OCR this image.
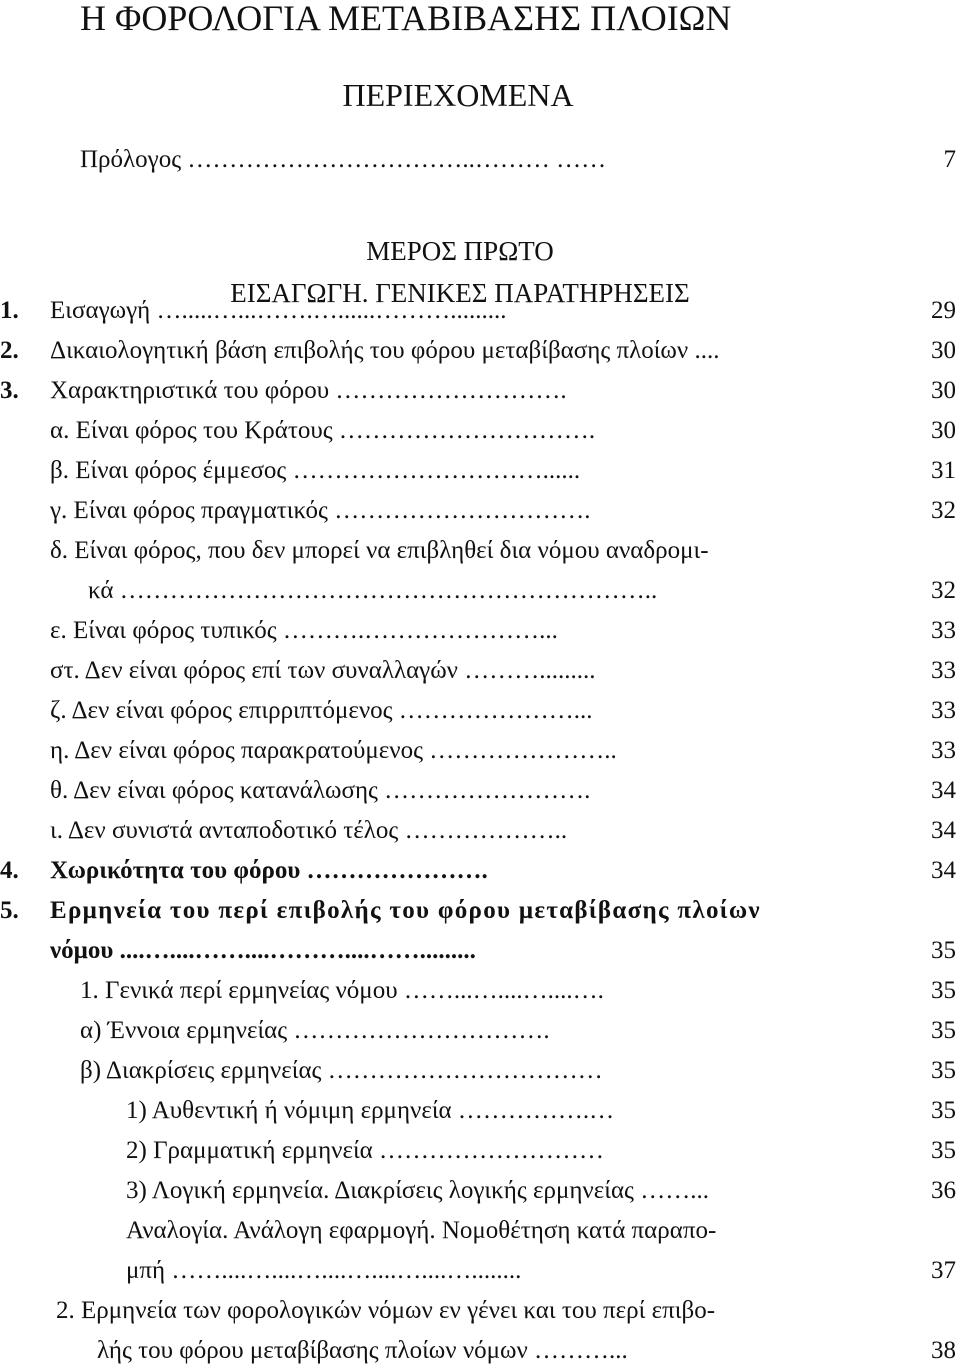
Η ΦΟΡΟΛΟΓΙΑ ΜΕΤΑΒΙΒΑΣΗΣ ΠΛΟΙΩΝ
ΠΕΡΙΕΧΟΜΕΝΑ
ΜΕΡΟΣ ΠΡΩΤΟ
ΕΙΣΑΓΩΓΗ. ΓΕΝΙΚΕΣ ΠΑΡΑΤΗΡΗΣΕΙΣ
Πρόλογος ……………………………..……… ……	7
1.	Εισαγωγή ….....…...…….…......……….........	29
2.	Δικαιολογητική βάση επιβολής του φόρου μεταβίβασης πλοίων ....	30
3.	Χαρακτηριστικά του φόρου ……………………….	30
α. Είναι φόρος του Κράτους ………………………….	30
β. Είναι φόρος έμμεσος …………………………......	31
γ. Είναι φόρος πραγματικός ………………………….	32
δ. Είναι φόρος, που δεν μπορεί να επιβληθεί δια νόμου αναδρομι-
κά ………………………………………………………..	32
ε. Είναι φόρος τυπικός ……….…………………...	33
στ. Δεν είναι φόρος επί των συναλλαγών ……….........	33
ζ. Δεν είναι φόρος επιρριπτόμενος …………………...	33
η. Δεν είναι φόρος παρακρατούμενος …………………..	33
θ. Δεν είναι φόρος κατανάλωσης …………………….	34
ι. Δεν συνιστά ανταποδοτικό τέλος ………………..	34
4.	Χωρικότητα του φόρου ………………….	34
5.	Ερμηνεία του περί επιβολής του φόρου μεταβίβασης πλοίων
νόμου ....…....……....………....…….........	35
1. Γενικά περί ερμηνείας νόμου ……...…....…....….	35
α) Έννοια ερμηνείας ………………………….	35
β) Διακρίσεις ερμηνείας ……………………………	35
1) Αυθεντική ή νόμιμη ερμηνεία …………….…	35
2) Γραμματική ερμηνεία ………………………	35
3) Λογική ερμηνεία. Διακρίσεις λογικής ερμηνείας ……...	36
Αναλογία. Ανάλογη εφαρμογή. Νομοθέτηση κατά παραπο-
μπή ……....…....…....…....…....…........	37
2. Ερμηνεία των φορολογικών νόμων εν γένει και του περί επιβο-
λής του φόρου μεταβίβασης πλοίων νόμων ………...	38
